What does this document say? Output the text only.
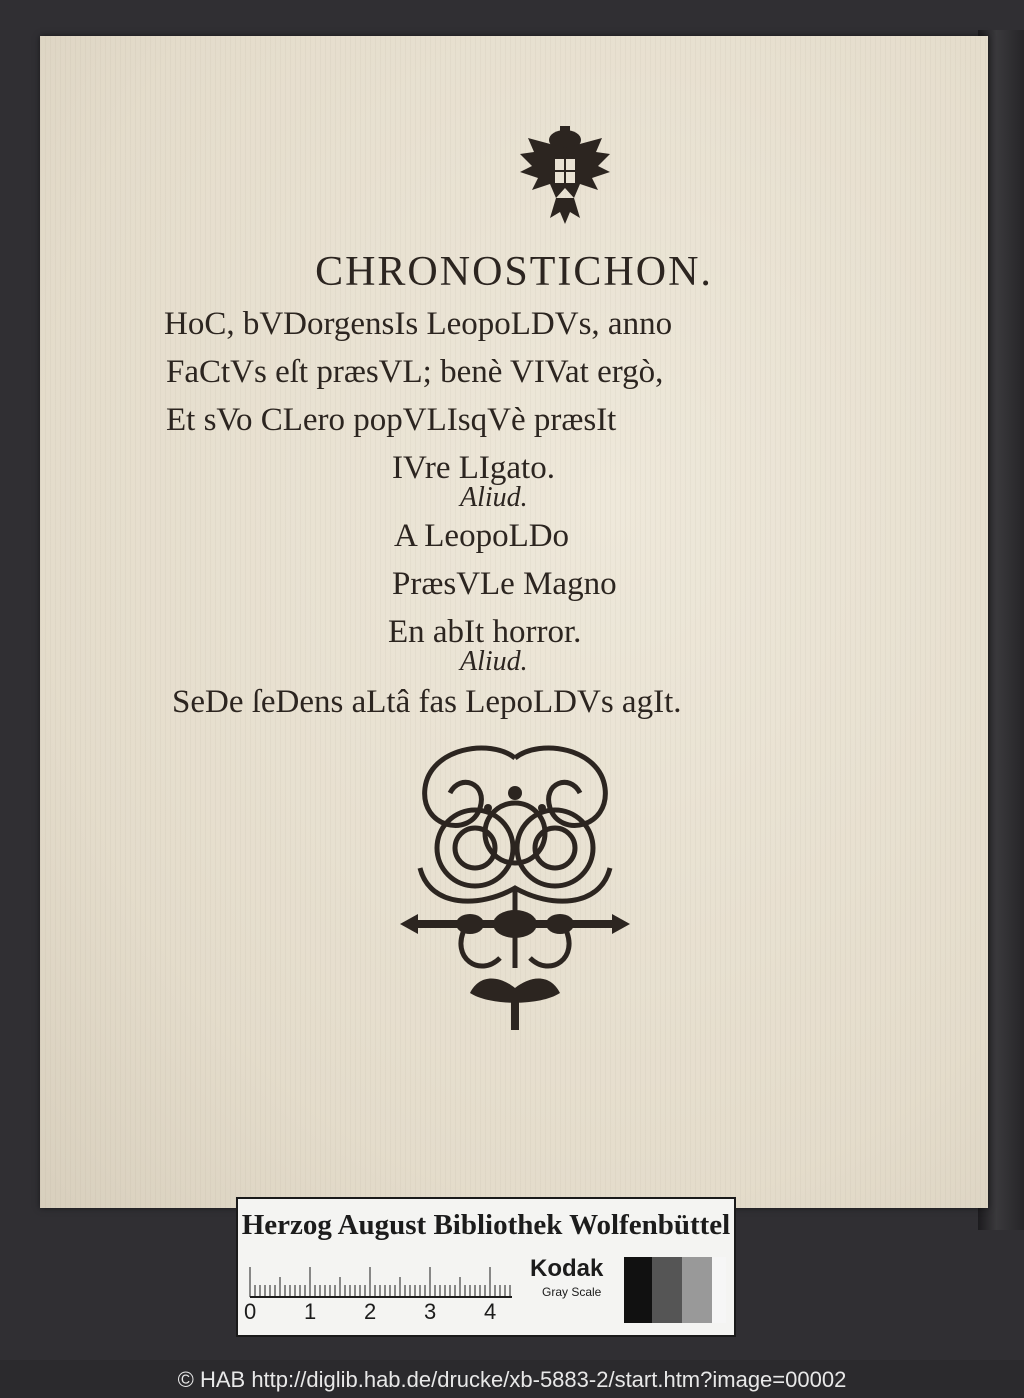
CHRONOSTICHON.
HoC, bVDorgensIs LeopoLDVs, anno
FaCtVs eſt præsVL; benè VIVat ergò,
Et sVo CLero popVLIsqVè præsIt
IVre LIgato.
Aliud.
A LeopoLDo
PræsVLe Magno
En abIt horror.
Aliud.
SeDe ſeDens aLtâ fas LepoLDVs agIt.
Herzog August Bibliothek Wolfenbüttel
0 1 2 3 4
Kodak
Gray Scale
© HAB http://diglib.hab.de/drucke/xb-5883-2/start.htm?image=00002
